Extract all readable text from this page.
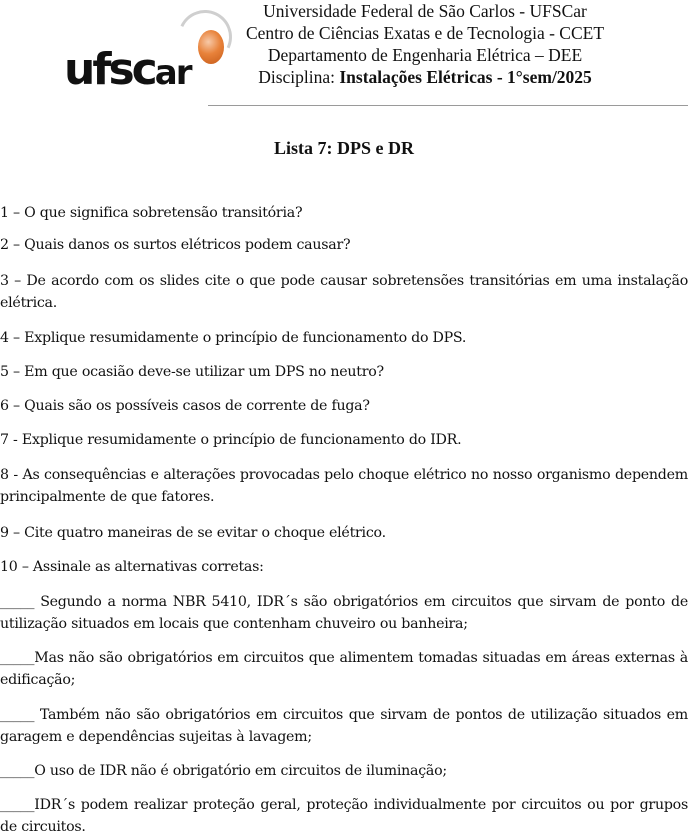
ufscar
Universidade Federal de São Carlos - UFSCar
Centro de Ciências Exatas e de Tecnologia - CCET
Departamento de Engenharia Elétrica – DEE
Disciplina: Instalações Elétricas - 1°sem/2025
Lista 7: DPS e DR
1 – O que significa sobretensão transitória?
2 – Quais danos os surtos elétricos podem causar?
3 – De acordo com os slides cite o que pode causar sobretensões transitórias em uma instalação elétrica.
4 – Explique resumidamente o princípio de funcionamento do DPS.
5 – Em que ocasião deve-se utilizar um DPS no neutro?
6 – Quais são os possíveis casos de corrente de fuga?
7 - Explique resumidamente o princípio de funcionamento do IDR.
8 - As consequências e alterações provocadas pelo choque elétrico no nosso organismo dependem principalmente de que fatores.
9 – Cite quatro maneiras de se evitar o choque elétrico.
10 – Assinale as alternativas corretas:
_____ Segundo a norma NBR 5410, IDR´s são obrigatórios em circuitos que sirvam de ponto de utilização situados em locais que contenham chuveiro ou banheira;
_____Mas não são obrigatórios em circuitos que alimentem tomadas situadas em áreas externas à edificação;
_____ Também não são obrigatórios em circuitos que sirvam de pontos de utilização situados em garagem e dependências sujeitas à lavagem;
_____O uso de IDR não é obrigatório em circuitos de iluminação;
_____IDR´s podem realizar proteção geral, proteção individualmente por circuitos ou por grupos de circuitos.
